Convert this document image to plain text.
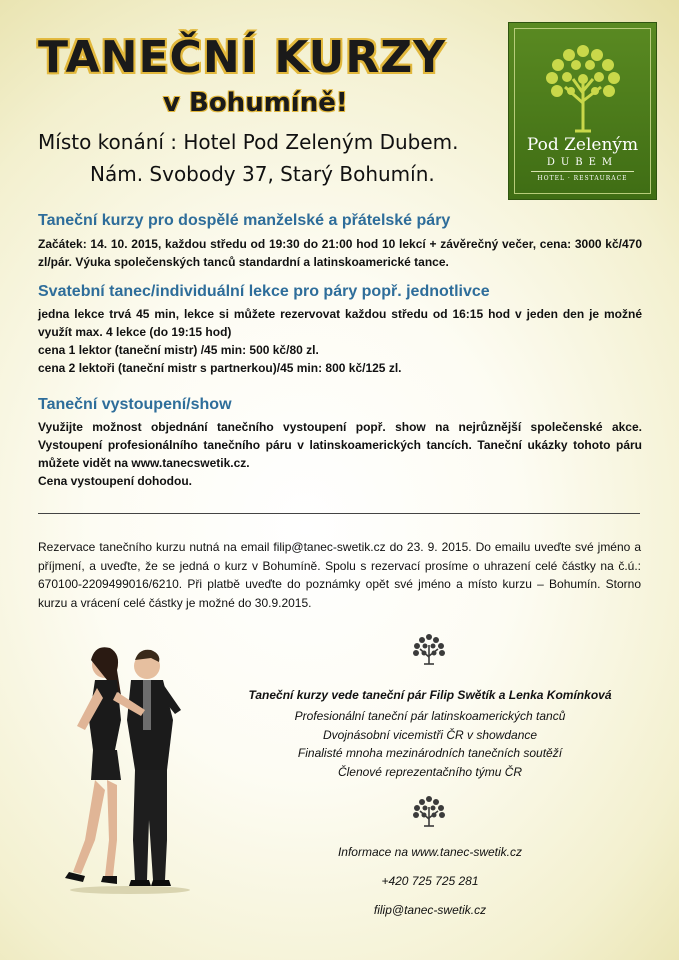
TANEČNÍ KURZY
v Bohumíně!
Místo konání : Hotel Pod Zeleným Dubem.
Nám. Svobody 37, Starý Bohumín.
Pod Zeleným
DUBEM
HOTEL · RESTAURACE
Taneční kurzy pro dospělé manželské a přátelské páry
Začátek: 14. 10. 2015, každou středu od 19:30 do 21:00 hod 10 lekcí + závěrečný večer, cena: 3000 kč/470 zl/pár. Výuka společenských tanců standardní a latinskoamerické tance.
Svatební tanec/individuální lekce pro páry popř. jednotlivce
jedna lekce trvá 45 min, lekce si můžete rezervovat každou středu od 16:15 hod v jeden den je možné využít max. 4 lekce (do 19:15 hod)
cena 1 lektor (taneční mistr) /45 min: 500 kč/80 zl.
cena 2 lektoři (taneční mistr s partnerkou)/45 min: 800 kč/125 zl.
Taneční vystoupení/show
Využijte možnost objednání tanečního vystoupení popř. show na nejrůznější společenské akce. Vystoupení profesionálního tanečního páru v latinskoamerických tancích. Taneční ukázky tohoto páru můžete vidět na www.tanecswetik.cz.
Cena vystoupení dohodou.
Rezervace tanečního kurzu nutná na email filip@tanec-swetik.cz do 23. 9. 2015. Do emailu uveďte své jméno a příjmení, a uveďte, že se jedná o kurz v Bohumíně. Spolu s rezervací prosíme o uhrazení celé částky na č.ú.: 670100-2209499016/6210. Při platbě uveďte do poznámky opět své jméno a místo kurzu – Bohumín. Storno kurzu a vrácení celé částky je možné do 30.9.2015.
Taneční kurzy vede taneční pár Filip Swětík a Lenka Komínková
Profesionální taneční pár latinskoamerických tanců
Dvojnásobní vicemistři ČR v showdance
Finalisté mnoha mezinárodních tanečních soutěží
Členové reprezentačního týmu ČR
Informace na www.tanec-swetik.cz
+420 725 725 281
filip@tanec-swetik.cz
